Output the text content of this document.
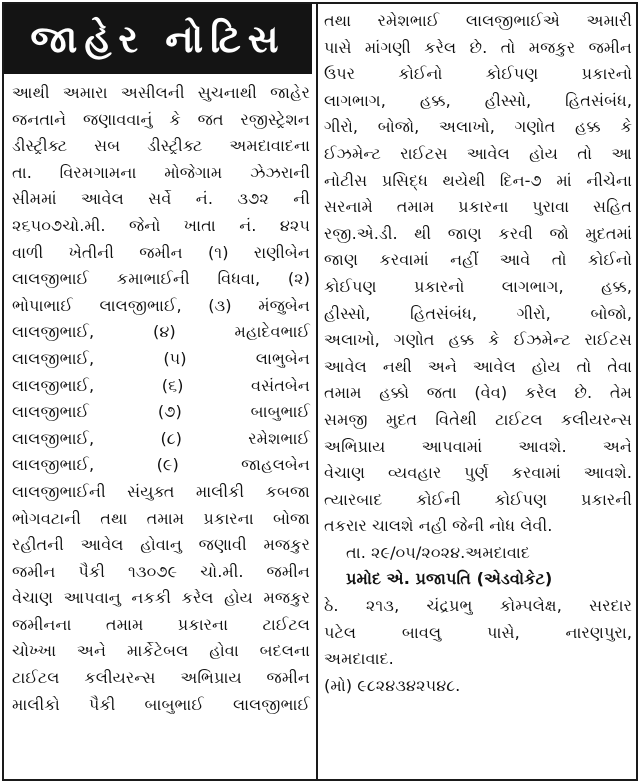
જાહેર નોટિસ
આથી અમારા અસીલની સુચનાથી જાહેર
જનતાને જણાવવાનું કે જત રજીસ્ટ્રેશન
ડીસ્ટ્રીક્ટ સબ ડીસ્ટ્રીક્ટ અમદાવાદના
તા. વિરમગામના મોજેગામ ઝેઝરાની
સીમમાં આવેલ સર્વે નં. ૩૭૨ ની
૨૬૫૦૭ચો.મી. જેનો ખાતા નં. ૪૨૫
વાળી ખેતીની જમીન (૧) રાણીબેન
લાલજીભાઈ કમાભાઈની વિધવા, (૨)
ભોપાભાઈ લાલજીભાઈ, (૩) મંજુબેન
લાલજીભાઈ,	(૪)	મહાદેવભાઈ
લાલજીભાઈ,	(૫)	લાભુબેન
લાલજીભાઈ,	(૬)	વસંતબેન
લાલજીભાઈ	(૭)	બાબુભાઈ
લાલજીભાઈ,	(૮)	રમેશભાઈ
લાલજીભાઈ,	(૯)	જાહલબેન
લાલજીભાઈની સંયુક્ત માલીકી કબજા
ભોગવટાની તથા તમામ પ્રકારના બોજા
રહીતની આવેલ હોવાનુ જણાવી મજકુર
જમીન પૈકી ૧૩૦૭૯ ચો.મી. જમીન
વેચાણ આપવાનુ નકકી કરેલ હોય મજકુર
જમીનના તમામ પ્રકારના ટાઈટલ
ચોખ્ખા અને માર્કેટેબલ હોવા બદલના
ટાઈટલ કલીયરન્સ અભિપ્રાય જમીન
માલીકો પૈકી બાબુભાઈ લાલજીભાઈ
તથા રમેશભાઈ લાલજીભાઈએ અમારી
પાસે માંગણી કરેલ છે. તો મજકુર જમીન
ઉપર કોઈનો કોઈપણ પ્રકારનો
લાગભાગ, હક્ક, હીસ્સો, હિતસંબંધ,
ગીરો, બોજો, અલાખો, ગણોત હક્ક કે
ઈઝમેન્ટ રાઈટસ આવેલ હોય તો આ
નોટીસ પ્રસિદ્ધ થયેથી દિન-૭ માં નીચેના
સરનામે તમામ પ્રકારના પુરાવા સહિત
રજી.એ.ડી. થી જાણ કરવી જો મુદતમાં
જાણ કરવામાં નહીં આવે તો કોઈનો
કોઈપણ પ્રકારનો લાગભાગ, હક્ક,
હીસ્સો, હિતસંબંધ, ગીરો, બોજો,
અલાખો, ગણોત હક્ક કે ઈઝમેન્ટ રાઈટસ
આવેલ નથી અને આવેલ હોય તો તેવા
તમામ હક્કો જતા (વેવ) કરેલ છે. તેમ
સમજી મુદત વિતેથી ટાઈટલ કલીયરન્સ
અભિપ્રાય આપવામાં આવશે. અને
વેચાણ વ્યવહાર પુર્ણ કરવામાં આવશે.
ત્યારબાદ કોઈની કોઈપણ પ્રકારની
તકરાર ચાલશે નહી જેની નોધ લેવી.
તા. ૨૯/૦૫/૨૦૨૪.અમદાવાદ
પ્રમોદ એ. પ્રજાપતિ (એડવોકેટ)
ઠે. ૨૧૩, ચંદ્રપ્રભુ કોમ્પલેક્ષ, સરદાર
પટેલ બાવલુ પાસે, નારણપુરા,
અમદાવાદ.
(મો) ૯૮૨૪૩૪૨૫૪૮.
